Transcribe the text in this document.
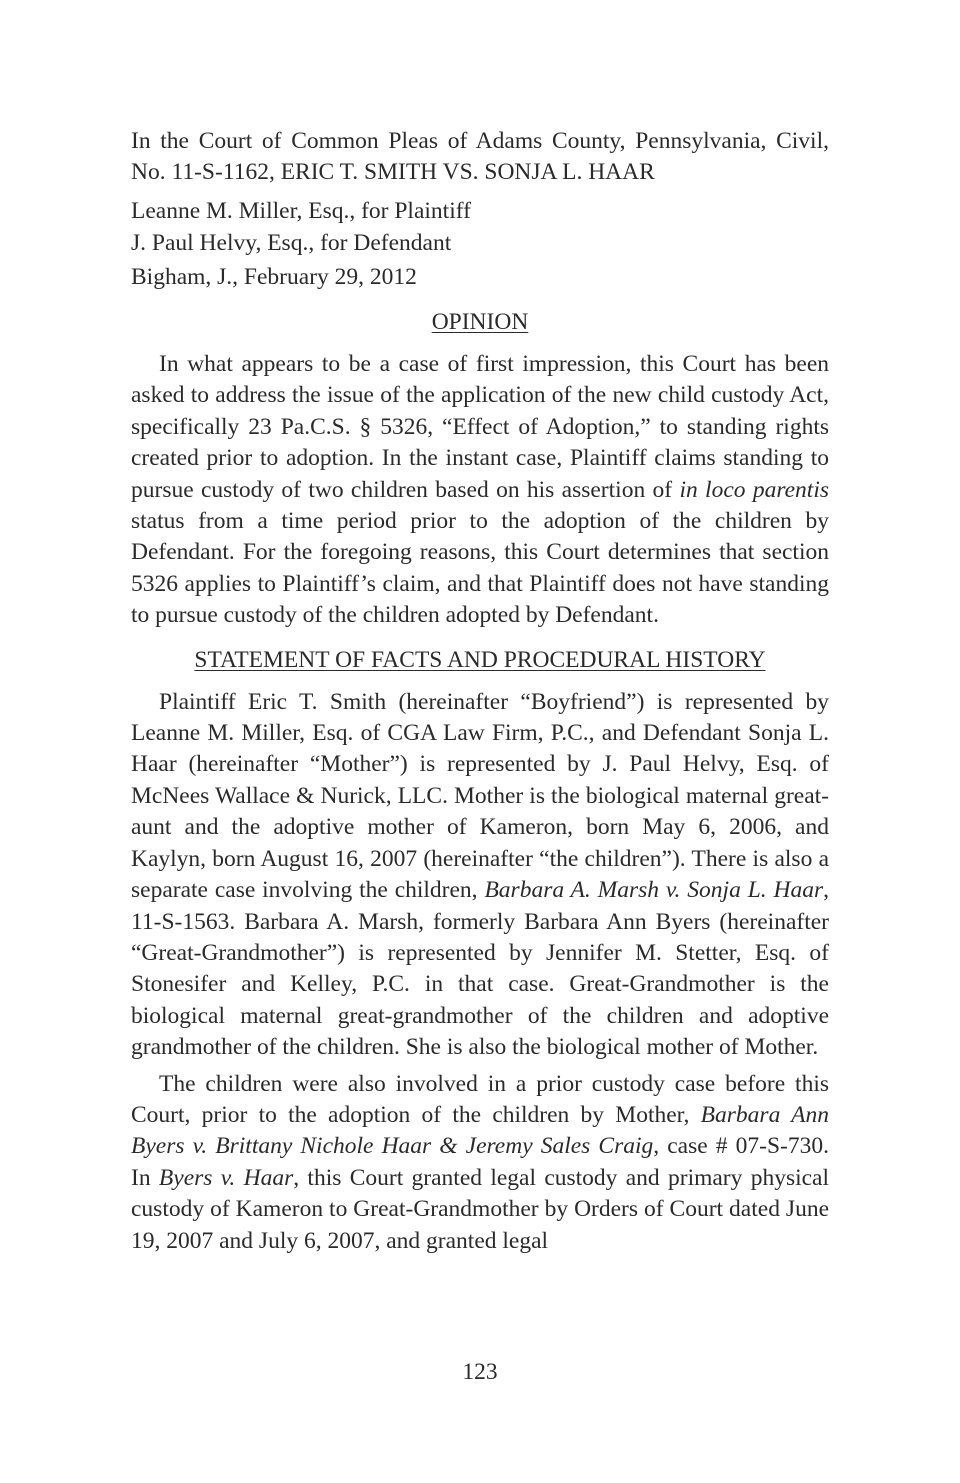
In the Court of Common Pleas of Adams County, Pennsylvania, Civil, No. 11-S-1162, ERIC T. SMITH VS. SONJA L. HAAR

Leanne M. Miller, Esq., for Plaintiff
J. Paul Helvy, Esq., for Defendant

Bigham, J., February 29, 2012

OPINION

In what appears to be a case of first impression, this Court has been asked to address the issue of the application of the new child custody Act, specifically 23 Pa.C.S. § 5326, “Effect of Adoption,” to standing rights created prior to adoption. In the instant case, Plaintiff claims standing to pursue custody of two children based on his assertion of in loco parentis status from a time period prior to the adoption of the children by Defendant. For the foregoing reasons, this Court determines that section 5326 applies to Plaintiff’s claim, and that Plaintiff does not have standing to pursue custody of the children adopted by Defendant.

STATEMENT OF FACTS AND PROCEDURAL HISTORY

Plaintiff Eric T. Smith (hereinafter “Boyfriend”) is represented by Leanne M. Miller, Esq. of CGA Law Firm, P.C., and Defendant Sonja L. Haar (hereinafter “Mother”) is represented by J. Paul Helvy, Esq. of McNees Wallace & Nurick, LLC. Mother is the biological maternal great-aunt and the adoptive mother of Kameron, born May 6, 2006, and Kaylyn, born August 16, 2007 (hereinafter “the children”). There is also a separate case involving the children, Barbara A. Marsh v. Sonja L. Haar, 11-S-1563. Barbara A. Marsh, formerly Barbara Ann Byers (hereinafter “Great-Grandmother”) is represented by Jennifer M. Stetter, Esq. of Stonesifer and Kelley, P.C. in that case. Great-Grandmother is the biological maternal great-grandmother of the children and adoptive grandmother of the children. She is also the biological mother of Mother.

The children were also involved in a prior custody case before this Court, prior to the adoption of the children by Mother, Barbara Ann Byers v. Brittany Nichole Haar & Jeremy Sales Craig, case # 07-S-730. In Byers v. Haar, this Court granted legal custody and primary physical custody of Kameron to Great-Grandmother by Orders of Court dated June 19, 2007 and July 6, 2007, and granted legal

123
